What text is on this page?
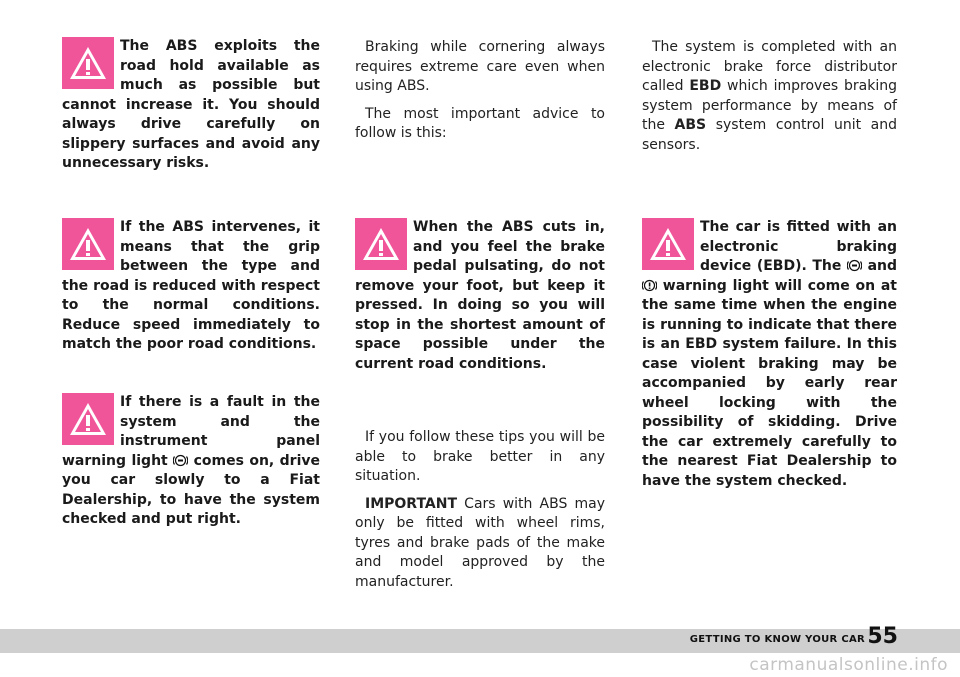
The ABS exploits the road hold available as much as possible but cannot increase it. You should always drive carefully on slippery surfaces and avoid any unnecessary risks.
If the ABS intervenes, it means that the grip between the type and the road is reduced with respect to the normal conditions. Reduce speed immediately to match the poor road conditions.
If there is a fault in the system and the instrument panel warning light comes on, drive you car slowly to a Fiat Dealership, to have the system checked and put right.

Braking while cornering always requires extreme care even when using ABS.

The most important advice to follow is this:

When the ABS cuts in, and you feel the brake pedal pulsating, do not remove your foot, but keep it pressed. In doing so you will stop in the shortest amount of space possible under the current road conditions.

If you follow these tips you will be able to brake better in any situation.

IMPORTANT Cars with ABS may only be fitted with wheel rims, tyres and brake pads of the make and model approved by the manufacturer.

The system is completed with an electronic brake force distributor called EBD which improves braking system performance by means of the ABS system control unit and sensors.

The car is fitted with an electronic braking device (EBD). The and  warning light will come on at the same time when the engine is running to indicate that there is an EBD system failure. In this case violent braking may be accompanied by early rear wheel locking with the possibility of skidding. Drive the car extremely carefully to the nearest Fiat Dealership to have the system checked.
GETTING TO KNOW YOUR CAR 55
carmanualsonline.info
